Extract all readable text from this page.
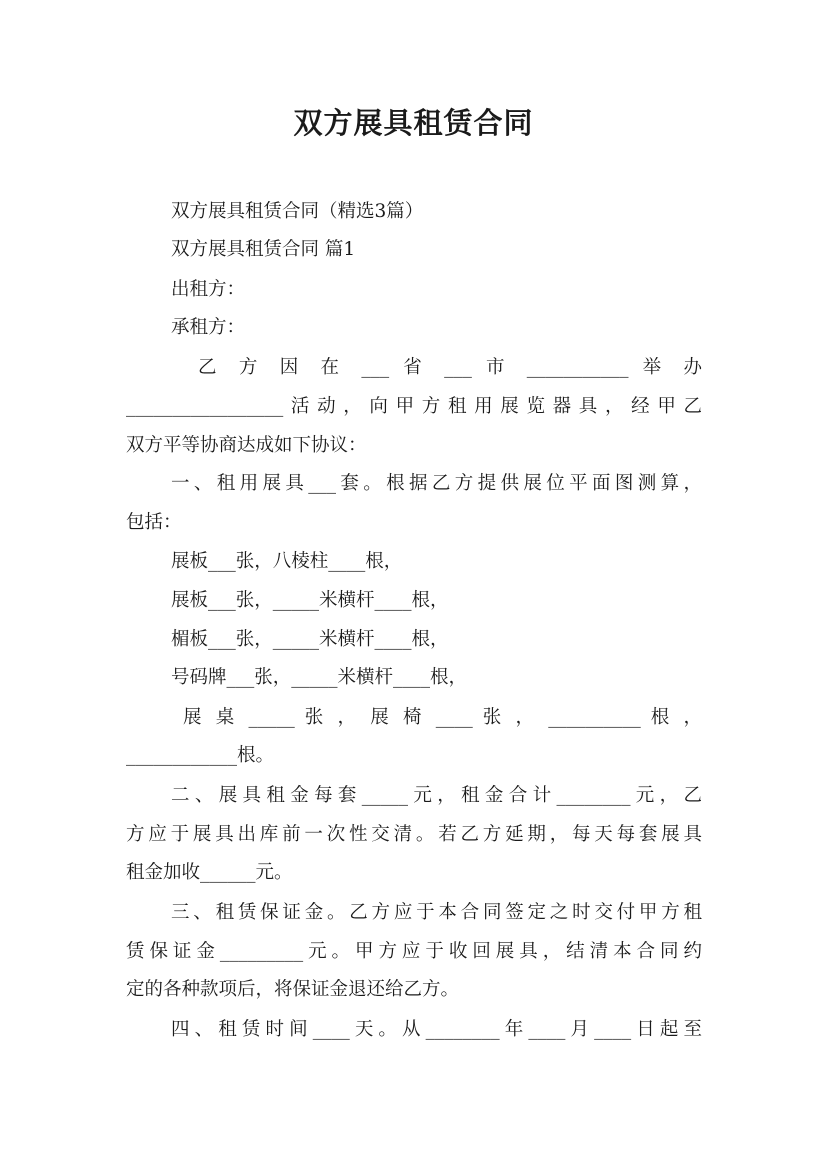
双方展具租赁合同
双方展具租赁合同（精选3篇）
双方展具租赁合同 篇1
出租方：
承租方：
乙 方 因 在 ___ 省 ___ 市 ___________ 举 办
_________________活动，向甲方租用展览器具，经甲乙
双方平等协商达成如下协议：
一、租用展具___套。根据乙方提供展位平面图测算，
包括：
展板___张，八棱柱____根，
展板___张，_____米横杆____根，
楣板___张，_____米横杆____根，
号码牌___张，_____米横杆____根，
展 桌 _____ 张 ， 展 椅 ____ 张 ， __________ 根 ，
____________根。
二、展具租金每套_____元，租金合计________元，乙
方应于展具出库前一次性交清。若乙方延期，每天每套展具
租金加收______元。
三、租赁保证金。乙方应于本合同签定之时交付甲方租
赁保证金_________元。甲方应于收回展具，结清本合同约
定的各种款项后，将保证金退还给乙方。
四、租赁时间____天。从________年____月____日起至
